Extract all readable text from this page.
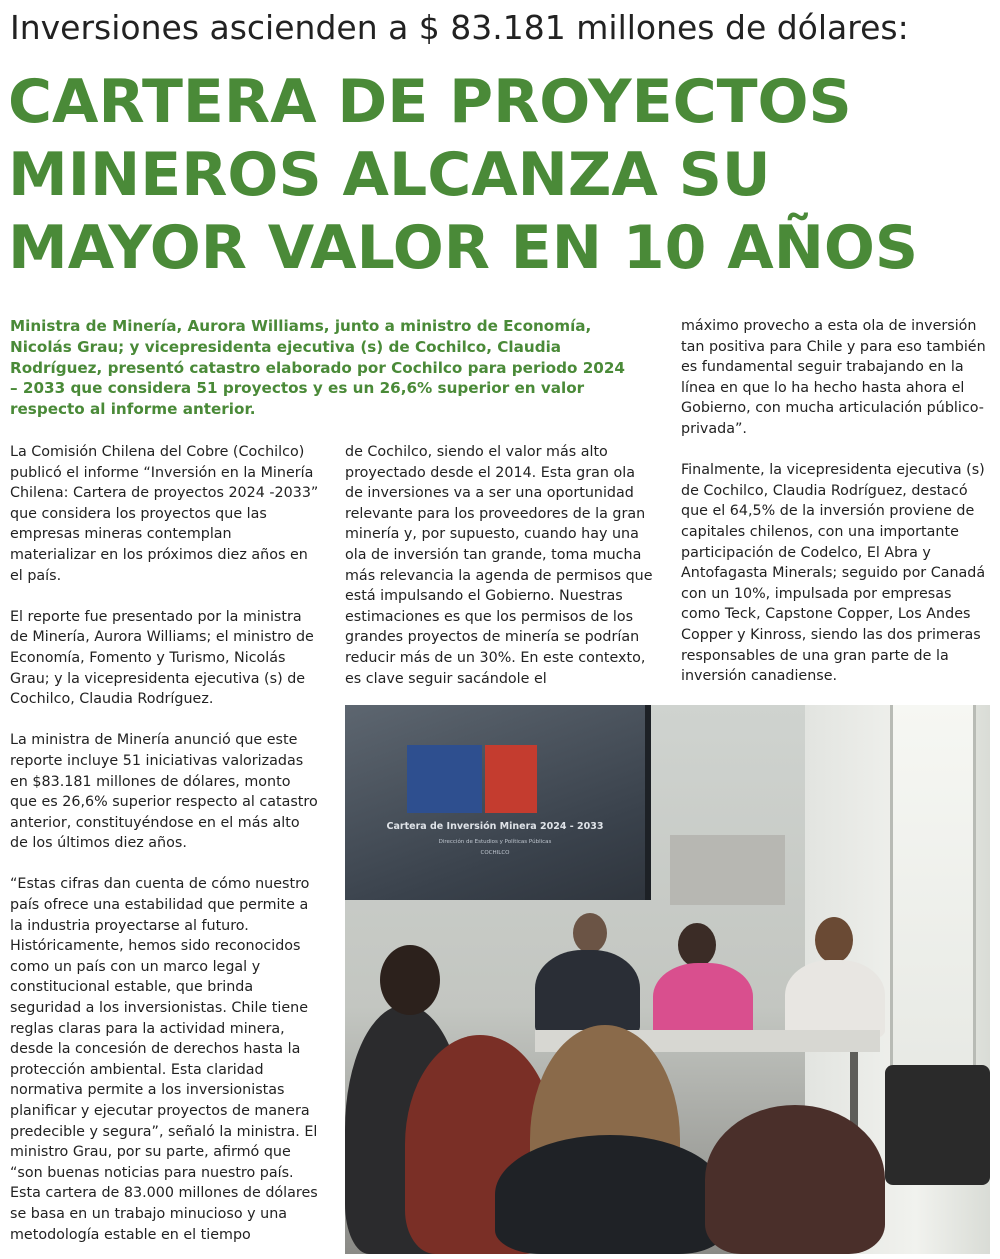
Inversiones ascienden a $ 83.181 millones de dólares:
CARTERA DE PROYECTOS
MINEROS ALCANZA SU
MAYOR VALOR EN 10 AÑOS
Ministra de Minería, Aurora Williams, junto a ministro de Economía, Nicolás Grau; y vicepresidenta ejecutiva (s) de Cochilco, Claudia Rodríguez, presentó catastro elaborado por Cochilco para periodo 2024 – 2033 que considera 51 proyectos y es un 26,6% superior en valor respecto al informe anterior.

La Comisión Chilena del Cobre (Cochilco) publicó el informe “Inversión en la Minería Chilena: Cartera de proyectos 2024 -2033” que considera los proyectos que las empresas mineras contemplan materializar en los próximos diez años en el país.

El reporte fue presentado por la ministra de Minería, Aurora Williams; el ministro de Economía, Fomento y Turismo, Nicolás Grau; y la vicepresidenta ejecutiva (s) de Cochilco, Claudia Rodríguez.

La ministra de Minería anunció que este reporte incluye 51 iniciativas valorizadas en $83.181 millones de dólares, monto que es 26,6% superior respecto al catastro anterior, constituyéndose en el más alto de los últimos diez años.

“Estas cifras dan cuenta de cómo nuestro país ofrece una estabilidad que permite a la industria proyectarse al futuro. Históricamente, hemos sido reconocidos como un país con un marco legal y constitucional estable, que brinda seguridad a los inversionistas. Chile tiene reglas claras para la actividad minera, desde la concesión de derechos hasta la protección ambiental. Esta claridad normativa permite a los inversionistas planificar y ejecutar proyectos de manera predecible y segura”, señaló la ministra. El ministro Grau, por su parte, afirmó que “son buenas noticias para nuestro país. Esta cartera de 83.000 millones de dólares se basa en un trabajo minucioso y una metodología estable en el tiempo

de Cochilco, siendo el valor más alto proyectado desde el 2014. Esta gran ola de inversiones va a ser una oportunidad relevante para los proveedores de la gran minería y, por supuesto, cuando hay una ola de inversión tan grande, toma mucha más relevancia la agenda de permisos que está impulsando el Gobierno. Nuestras estimaciones es que los permisos de los grandes proyectos de minería se podrían reducir más de un 30%. En este contexto, es clave seguir sacándole el

máximo provecho a esta ola de inversión tan positiva para Chile y para eso también es fundamental seguir trabajando en la línea en que lo ha hecho hasta ahora el Gobierno, con mucha articulación público-privada”.

Finalmente, la vicepresidenta ejecutiva (s) de Cochilco, Claudia Rodríguez, destacó que el 64,5% de la inversión proviene de capitales chilenos, con una importante participación de Codelco, El Abra y Antofagasta Minerals; seguido por Canadá con un 10%, impulsada por empresas como Teck, Capstone Copper, Los Andes Copper y Kinross, siendo las dos primeras responsables de una gran parte de la inversión canadiense.

Cartera de Inversión Minera 2024 - 2033
Dirección de Estudios y Políticas Públicas
COCHILCO
